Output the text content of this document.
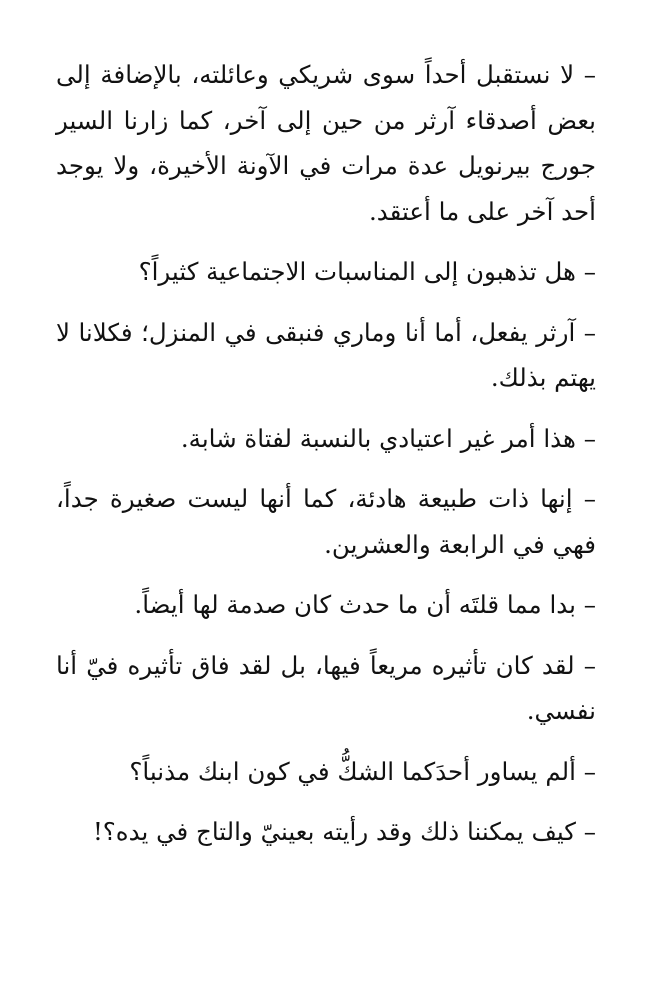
– لا نستقبل أحداً سوى شريكي وعائلته، بالإضافة إلى بعض أصدقاء آرثر من حين إلى آخر، كما زارنا السير جورج بيرنويل عدة مرات في الآونة الأخيرة، ولا يوجد أحد آخر على ما أعتقد.

– هل تذهبون إلى المناسبات الاجتماعية كثيراً؟

– آرثر يفعل، أما أنا وماري فنبقى في المنزل؛ فكلانا لا يهتم بذلك.

– هذا أمر غير اعتيادي بالنسبة لفتاة شابة.

– إنها ذات طبيعة هادئة، كما أنها ليست صغيرة جداً، فهي في الرابعة والعشرين.

– بدا مما قلتَه أن ما حدث كان صدمة لها أيضاً.

– لقد كان تأثيره مريعاً فيها، بل لقد فاق تأثيره فيّ أنا نفسي.

– ألم يساور أحدَكما الشكُّ في كون ابنك مذنباً؟

– كيف يمكننا ذلك وقد رأيته بعينيّ والتاج في يده؟!
